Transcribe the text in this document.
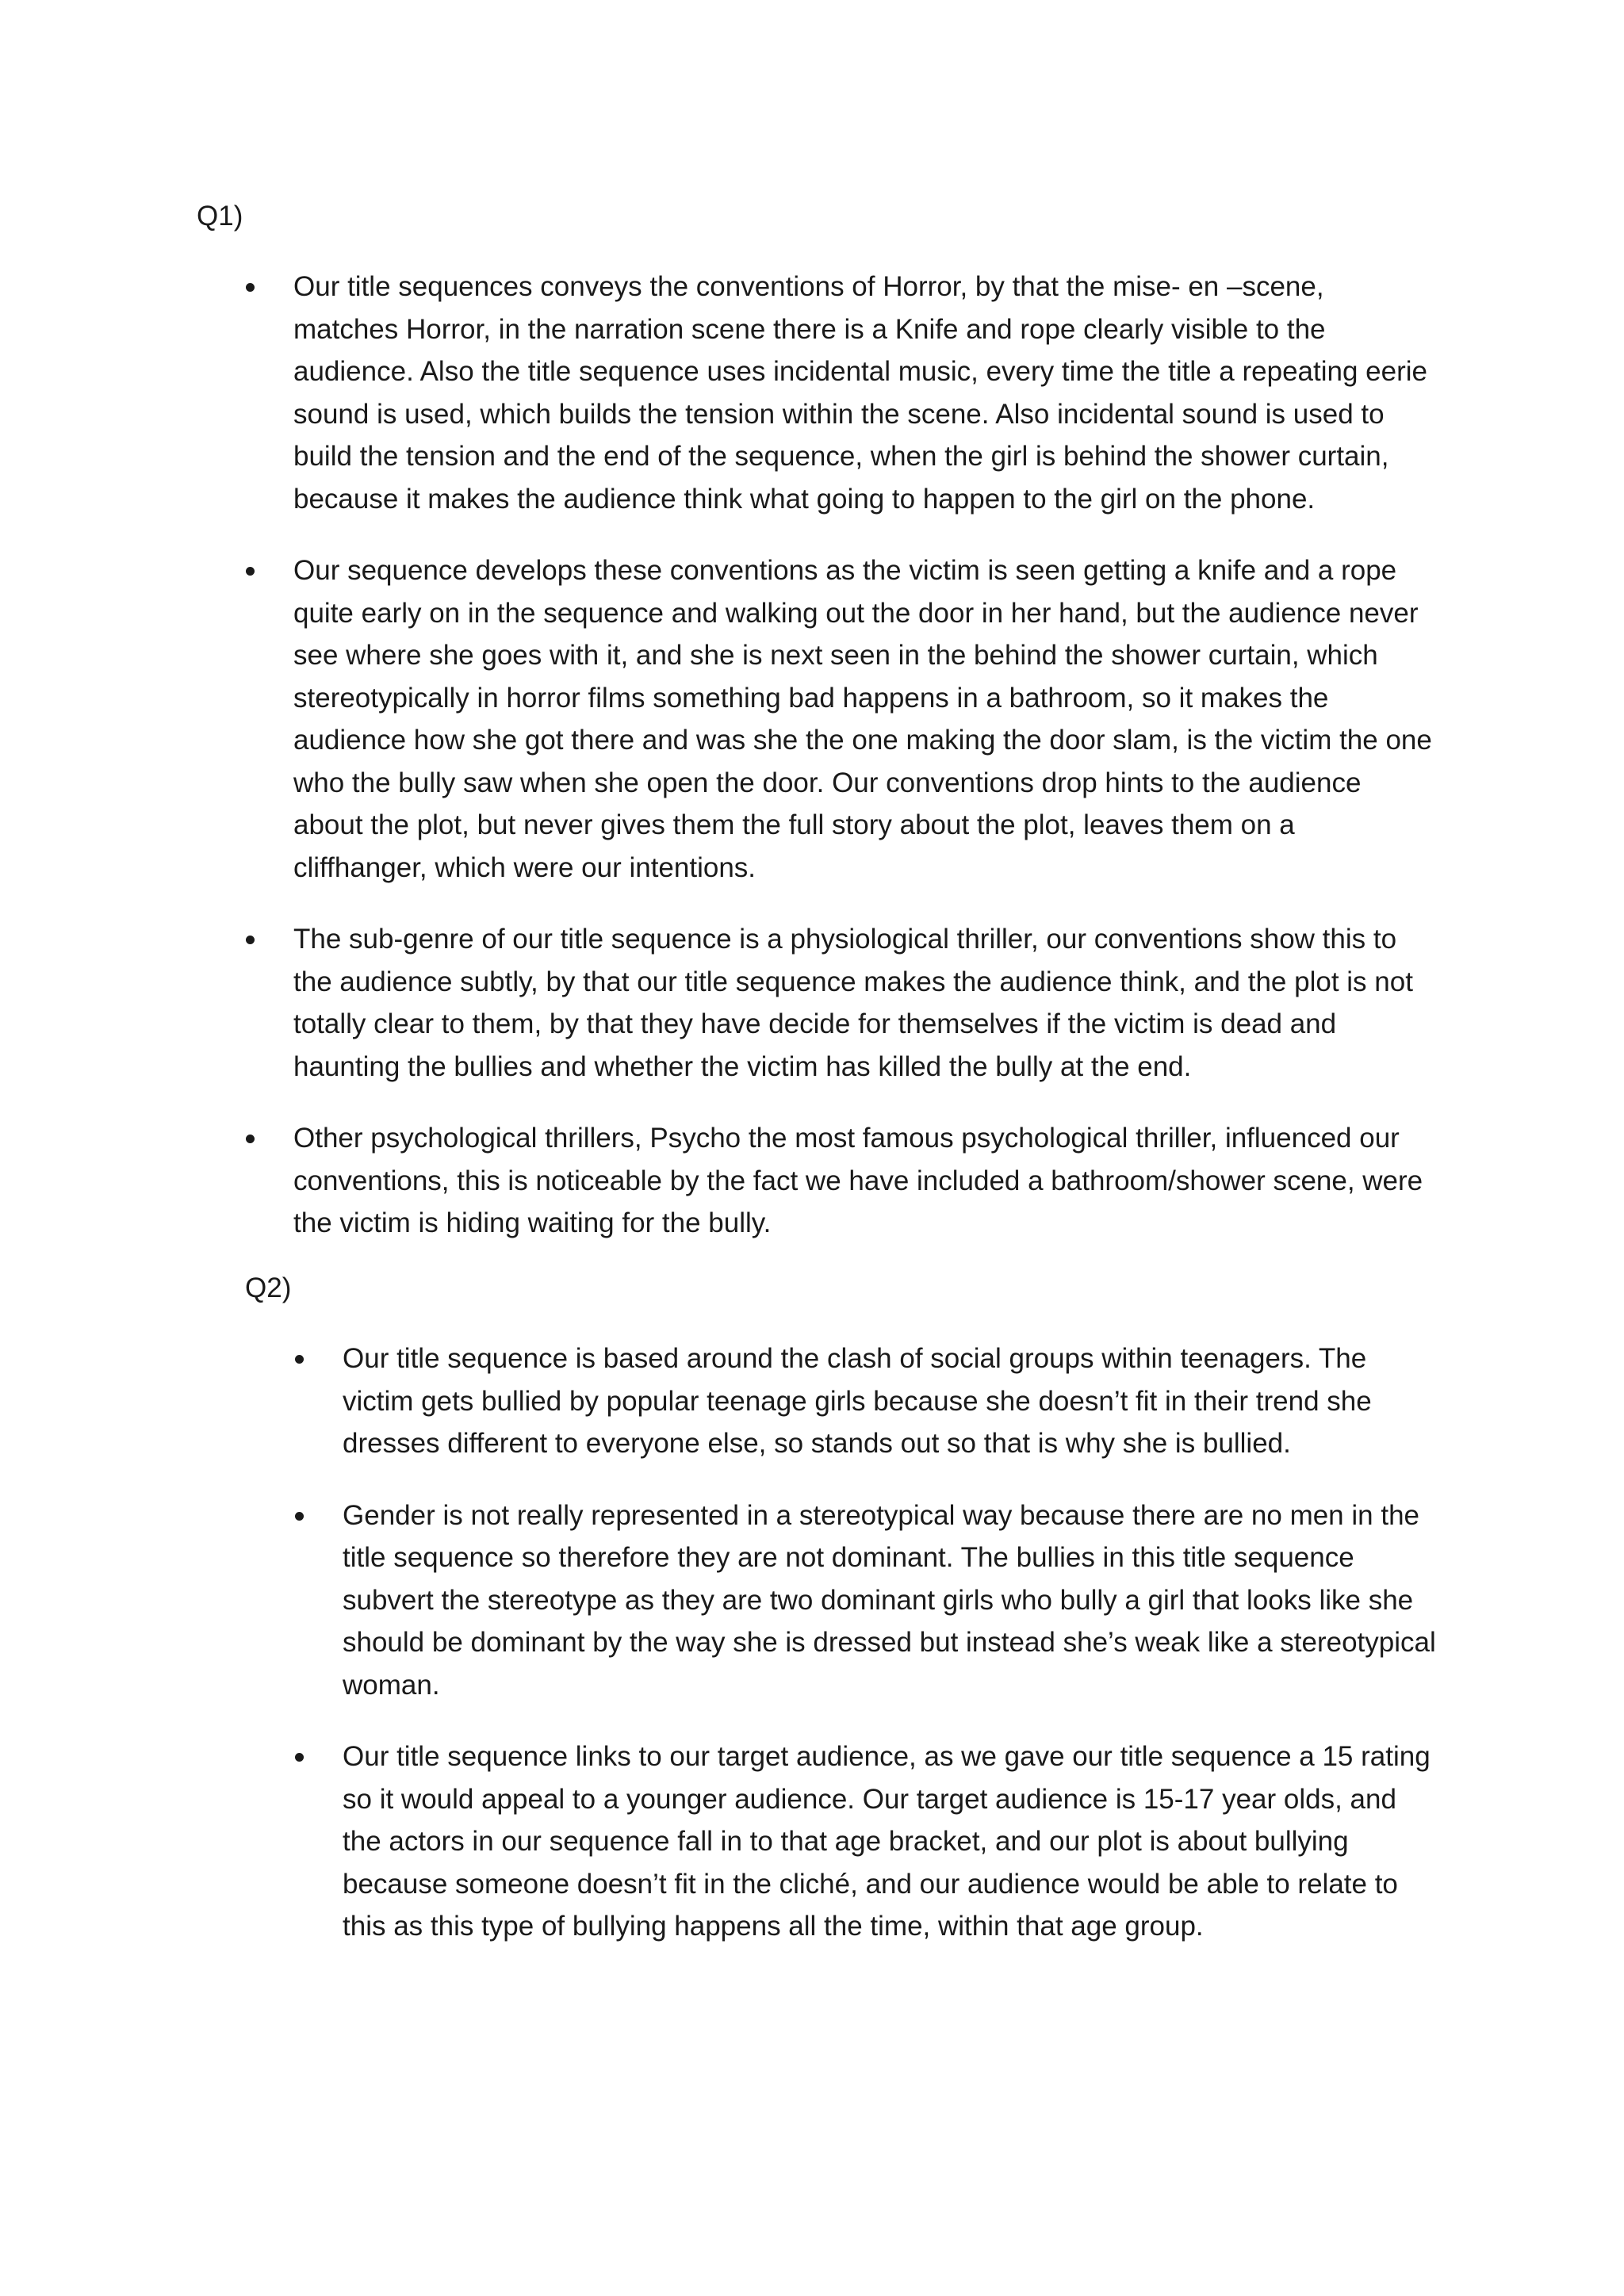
Q1)
Our title sequences conveys the conventions of Horror, by that the mise- en –scene, matches Horror, in the narration scene there is a Knife and rope clearly visible to the audience. Also the title sequence uses incidental music, every time the title a repeating eerie sound is used, which builds the tension within the scene. Also incidental sound is used to build the tension and the end of the sequence, when the girl is behind the shower curtain, because it makes the audience think what going to happen to the girl on the phone.
Our sequence develops these conventions as the victim is seen getting a knife and a rope quite early on in the sequence and walking out the door in her hand, but the audience never see where she goes with it, and she is next seen in the behind the shower curtain, which stereotypically in horror films something bad happens in a bathroom, so it makes the audience how she got there and was she the one making the door slam, is the victim the one who the bully saw when she open the door. Our conventions drop hints to the audience about the plot, but never gives them the full story about the plot, leaves them on a cliffhanger, which were our intentions.
The sub-genre of our title sequence is a physiological thriller, our conventions show this to the audience subtly, by that our title sequence makes the audience think, and the plot is not totally clear to them, by that they have decide for themselves if the victim is dead and haunting the bullies and whether the victim has killed the bully at the end.
Other psychological thrillers, Psycho the most famous psychological thriller, influenced our conventions, this is noticeable by the fact we have included a bathroom/shower scene, were the victim is hiding waiting for the bully.
Q2)
Our title sequence is based around the clash of social groups within teenagers. The victim gets bullied by popular teenage girls because she doesn’t fit in their trend she dresses different to everyone else, so stands out so that is why she is bullied.
Gender is not really represented in a stereotypical way because there are no men in the title sequence so therefore they are not dominant. The bullies in this title sequence subvert the stereotype as they are two dominant girls who bully a girl that looks like she should be dominant by the way she is dressed but instead she’s weak like a stereotypical woman.
Our title sequence links to our target audience, as we gave our title sequence a 15 rating so it would appeal to a younger audience. Our target audience is 15-17 year olds, and the actors in our sequence fall in to that age bracket, and our plot is about bullying because someone doesn’t fit in the cliché, and our audience would be able to relate to this as this type of bullying happens all the time, within that age group.
